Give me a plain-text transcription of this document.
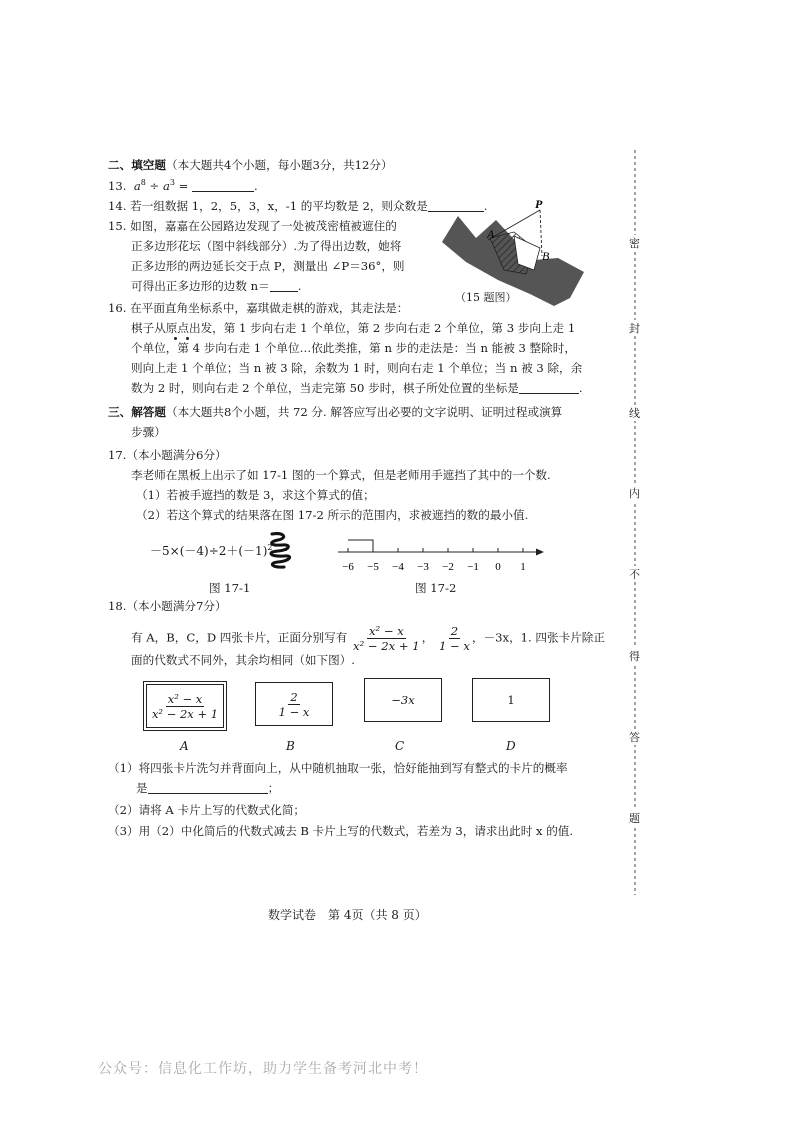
二、填空题（本大题共4个小题，每小题3分，共12分）
13. $a^8 \div a^3$ =	.
14. 若一组数据 1，2，5，3，x，-1 的平均数是 2，则众数是	.
15. 如图，嘉嘉在公园路边发现了一处被茂密植被遮住的
正多边形花坛（图中斜线部分）.为了得出边数，她将
正多边形的两边延长交于点 P，测量出 ∠P＝36°，则
可得出正多边形的边数 n＝ .
P
A
B
（15 题图）
16. 在平面直角坐标系中，嘉琪做走棋的游戏，其走法是：
棋子从原点出发，第 1 步向右走 1 个单位，第 2 步向右走 2 个单位，第 3 步向上走 1
个单位，第 4 步向右走 1 个单位…依此类推，第 n 步的走法是：当 n 能被 3 整除时，
则向上走 1 个单位；当 n 被 3 除，余数为 1 时，则向右走 1 个单位；当 n 被 3 除，余
数为 2 时，则向右走 2 个单位，当走完第 50 步时，棋子所处位置的坐标是	.
三、解答题（本大题共8个小题，共 72 分. 解答应写出必要的文字说明、证明过程或演算
步骤）
17.（本小题满分6分）
李老师在黑板上出示了如 17-1 图的一个算式，但是老师用手遮挡了其中的一个数.
（1）若被手遮挡的数是 3，求这个算式的值；
（2）若这个算式的结果落在图 17-2 所示的范围内，求被遮挡的数的最小值.
$-5\times(-4)\div 2+(-1)^2$ －
图 17-1
−6 −5 −4 −3 −2 −1 0 1
图 17-2
18.（本小题满分7分）
有 A，B，C，D 四张卡片，正面分别写有 $\frac{\text{x² − x}}{\text{x² − 2x + 1}}$ ， $\frac{2}{1 - x}$ ，－3x，1. 四张卡片除正
面的代数式不同外，其余均相同（如下图）.
$\frac{\text{x² − x}}{\text{x² − 2x + 1}}$	$\frac{2}{1 - x}$	−3x	1
A	B	C	D
（1）将四张卡片洗匀并背面向上，从中随机抽取一张，恰好能抽到写有整式的卡片的概率
是	；
（2）请将 A 卡片上写的代数式化简；
（3）用（2）中化简后的代数式减去 B 卡片上写的代数式，若差为 3，请求出此时 x 的值.
数学试卷　第 4页（共 8 页）
密
封
线
内
不
得
答
题
公众号：信息化工作坊，助力学生备考河北中考！
